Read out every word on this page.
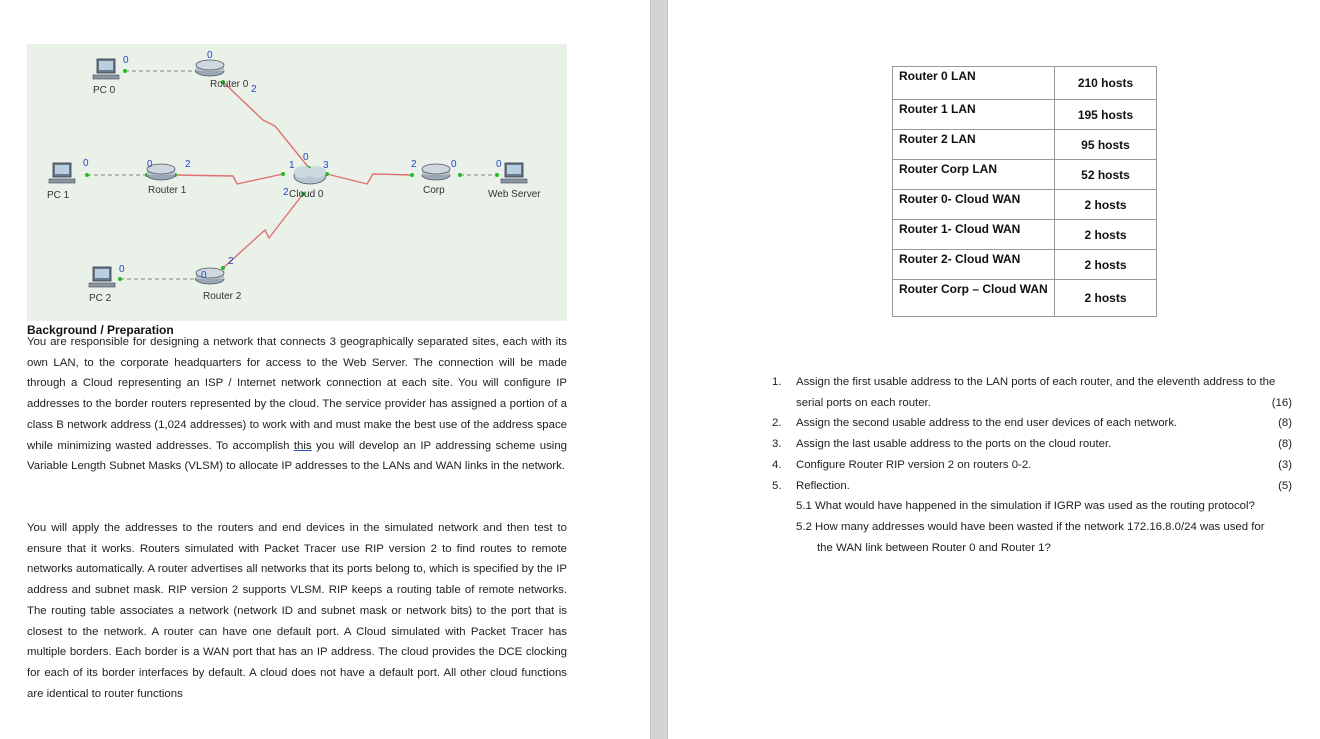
0	0
2
0	0	2	1
0
3
2
2	0	0
0
0
2
PC 0
Router 0
PC 1	Router 1	Cloud 0	Corp	Web Server
PC 2	Router 2
Background / Preparation

You are responsible for designing a network that connects 3 geographically separated sites, each with its own LAN, to the corporate headquarters for access to the Web Server. The connection will be made through a Cloud representing an ISP / Internet network connection at each site. You will configure IP addresses to the border routers represented by the cloud. The service provider has assigned a portion of a class B network address (1,024 addresses) to work with and must make the best use of the address space while minimizing wasted addresses. To accomplish this you will develop an IP addressing scheme using Variable Length Subnet Masks (VLSM) to allocate IP addresses to the LANs and WAN links in the network.

You will apply the addresses to the routers and end devices in the simulated network and then test to ensure that it works. Routers simulated with Packet Tracer use RIP version 2 to find routes to remote networks automatically. A router advertises all networks that its ports belong to, which is specified by the IP address and subnet mask. RIP version 2 supports VLSM. RIP keeps a routing table of remote networks. The routing table associates a network (network ID and subnet mask or network bits) to the port that is closest to the network. A router can have one default port. A Cloud simulated with Packet Tracer has multiple borders. Each border is a WAN port that has an IP address. The cloud provides the DCE clocking for each of its border interfaces by default. A cloud does not have a default port. All other cloud functions are identical to router functions

Router 0 LAN	210 hosts
Router 1 LAN	195 hosts
Router 2 LAN	95 hosts
Router Corp LAN	52 hosts
Router 0- Cloud WAN	2 hosts
Router 1- Cloud WAN	2 hosts
Router 2- Cloud WAN	2 hosts
Router Corp – Cloud WAN	2 hosts
1.	Assign the first usable address to the LAN ports of each router, and the eleventh address to the serial ports on each router.	(16)
2.	Assign the second usable address to the end user devices of each network.	(8)
3.	Assign the last usable address to the ports on the cloud router.	(8)
4.	Configure Router RIP version 2 on routers 0-2.	(3)
5.	Reflection.	(5)
5.1 What would have happened in the simulation if IGRP was used as the routing protocol?
5.2 How many addresses would have been wasted if the network 172.16.8.0/24 was used for
the WAN link between Router 0 and Router 1?
